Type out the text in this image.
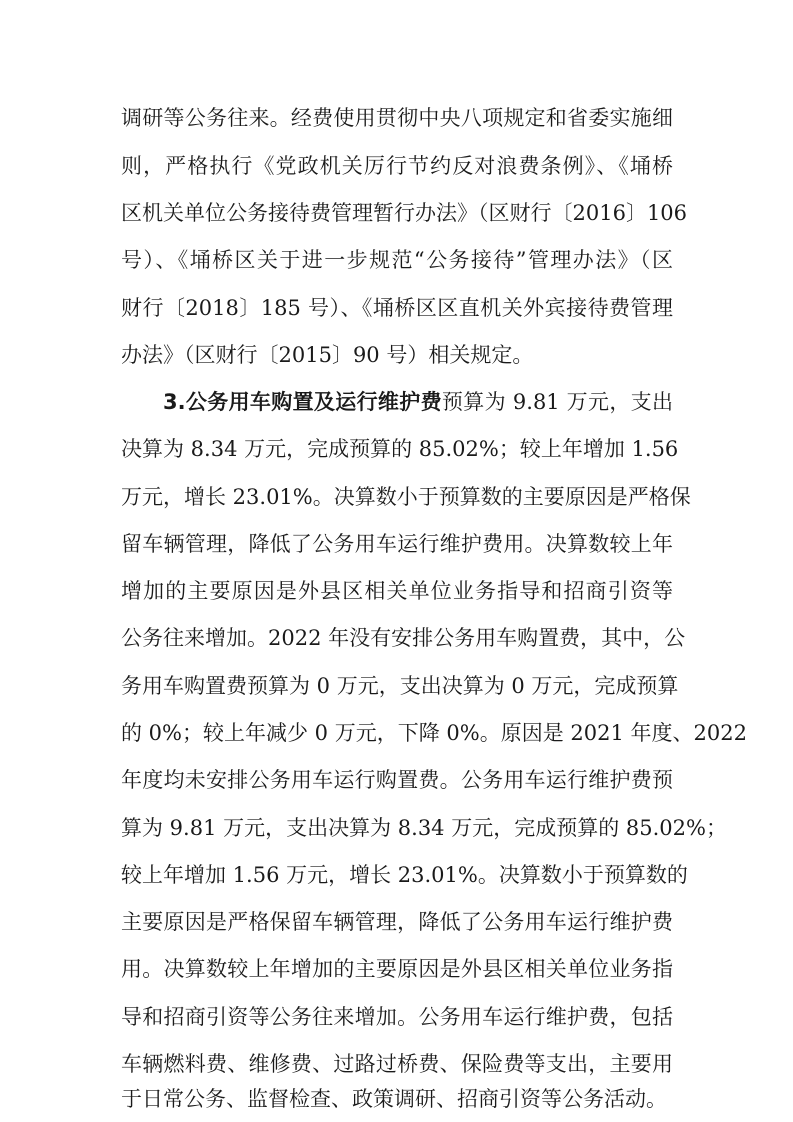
调研等公务往来。经费使用贯彻中央八项规定和省委实施细
则，严格执行《党政机关厉行节约反对浪费条例》、《埇桥
区机关单位公务接待费管理暂行办法》（区财行〔2016〕106
号）、《埇桥区关于进一步规范“公务接待”管理办法》（区
财行〔2018〕185 号）、《埇桥区区直机关外宾接待费管理
办法》（区财行〔2015〕90 号）相关规定。
3.公务用车购置及运行维护费预算为 9.81 万元，支出
决算为 8.34 万元，完成预算的 85.02%；较上年增加 1.56
万元，增长 23.01%。决算数小于预算数的主要原因是严格保
留车辆管理，降低了公务用车运行维护费用。决算数较上年
增加的主要原因是外县区相关单位业务指导和招商引资等
公务往来增加。2022 年没有安排公务用车购置费，其中，公
务用车购置费预算为 0 万元，支出决算为 0 万元，完成预算
的 0%；较上年减少 0 万元，下降 0%。原因是 2021 年度、2022
年度均未安排公务用车运行购置费。公务用车运行维护费预
算为 9.81 万元，支出决算为 8.34 万元，完成预算的 85.02%；
较上年增加 1.56 万元，增长 23.01%。决算数小于预算数的
主要原因是严格保留车辆管理，降低了公务用车运行维护费
用。决算数较上年增加的主要原因是外县区相关单位业务指
导和招商引资等公务往来增加。公务用车运行维护费，包括
车辆燃料费、维修费、过路过桥费、保险费等支出，主要用
于日常公务、监督检查、政策调研、招商引资等公务活动。
